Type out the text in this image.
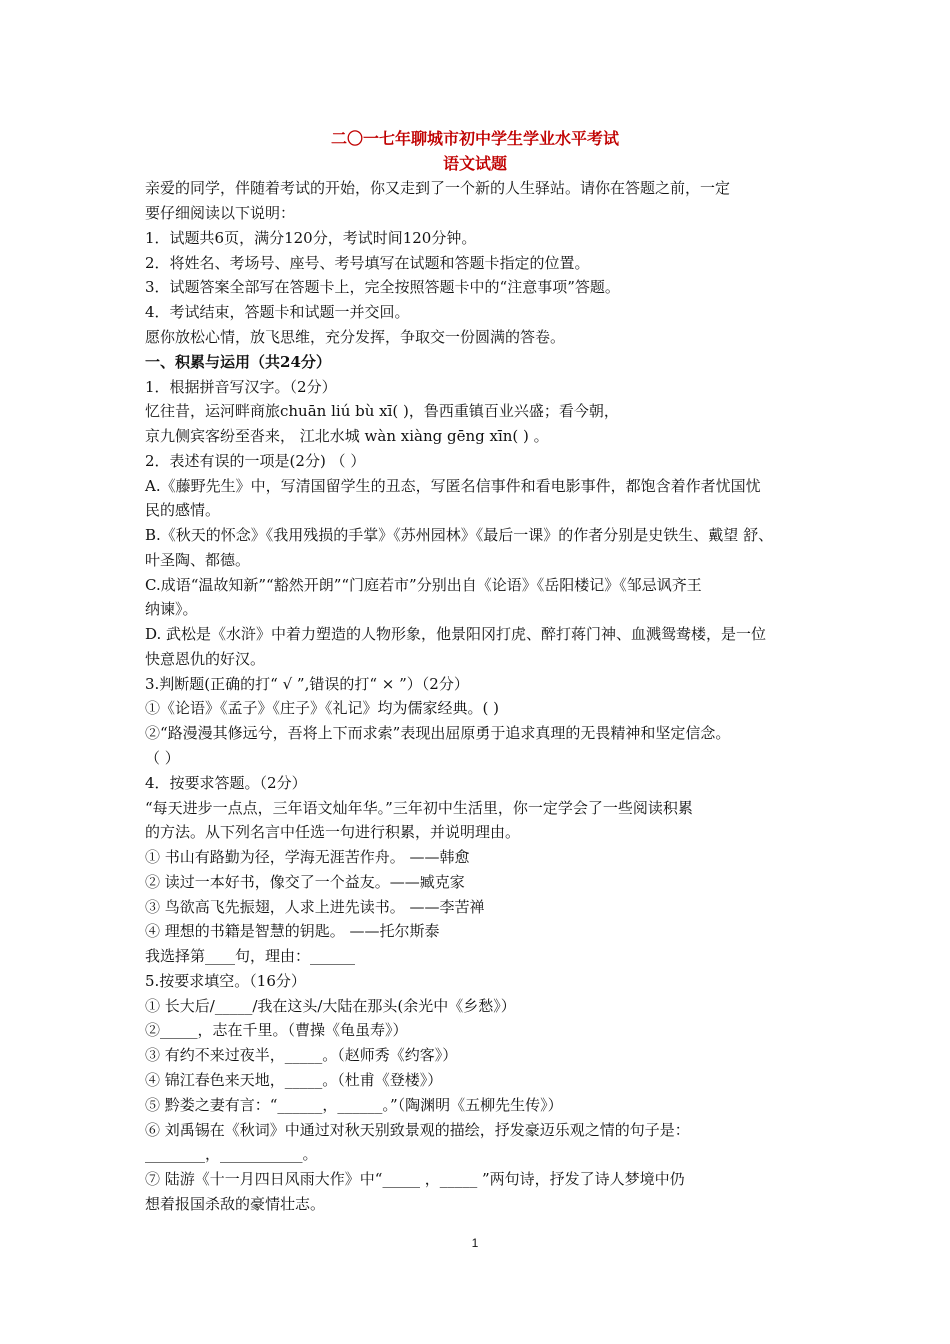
二〇一七年聊城市初中学生学业水平考试
语文试题
亲爱的同学，伴随着考试的开始，你又走到了一个新的人生驿站。请你在答题之前，一定
要仔细阅读以下说明：
1．试题共6页，满分120分，考试时间120分钟。
2．将姓名、考场号、座号、考号填写在试题和答题卡指定的位置。
3．试题答案全部写在答题卡上，完全按照答题卡中的“注意事项”答题。
4．考试结束，答题卡和试题一并交回。
愿你放松心情，放飞思维，充分发挥，争取交一份圆满的答卷。
一、积累与运用（共24分）
1．根据拼音写汉字。（2分）
忆往昔，运河畔商旅chuān liú bù xī( )，鲁西重镇百业兴盛；看今朝，
京九侧宾客纷至沓来， 江北水城 wàn xiàng gēng xīn( ) 。
2．表述有误的一项是(2分) （ ）
A.《藤野先生》中，写清国留学生的丑态，写匿名信事件和看电影事件，都饱含着作者忧国忧
民的感情。
B.《秋天的怀念》《我用残损的手掌》《苏州园林》《最后一课》的作者分别是史铁生、戴望 舒、
叶圣陶、都德。
C.成语“温故知新”“豁然开朗”“门庭若市”分别出自《论语》《岳阳楼记》《邹忌讽齐王
纳谏》。
D. 武松是《水浒》中着力塑造的人物形象，他景阳冈打虎、醉打蒋门神、血溅鸳鸯楼，是一位
快意恩仇的好汉。
3.判断题(正确的打“ √ ”,错误的打“ × ”）（2分）
①《论语》《孟子》《庄子》《礼记》均为儒家经典。( )
②“路漫漫其修远兮，吾将上下而求索”表现出屈原勇于追求真理的无畏精神和坚定信念。
（ ）
4．按要求答题。（2分）
“每天进步一点点，三年语文灿年华。”三年初中生活里，你一定学会了一些阅读积累
的方法。从下列名言中任选一句进行积累，并说明理由。
① 书山有路勤为径，学海无涯苦作舟。 ——韩愈
② 读过一本好书，像交了一个益友。——臧克家
③ 鸟欲高飞先振翅，人求上进先读书。 ——李苦禅
④ 理想的书籍是智慧的钥匙。 ——托尔斯泰
我选择第____句，理由：______
5.按要求填空。（16分）
① 长大后/_____/我在这头/大陆在那头(余光中《乡愁》）
②_____，志在千里。（曹操《龟虽寿》）
③ 有约不来过夜半，_____。（赵师秀《约客》）
④ 锦江春色来天地，_____。（杜甫《登楼》）
⑤ 黔娄之妻有言：“______，______。”（陶渊明《五柳先生传》）
⑥ 刘禹锡在《秋词》中通过对秋天别致景观的描绘，抒发豪迈乐观之情的句子是：
________，___________。
⑦ 陆游《十一月四日风雨大作》中“_____ ，_____ ”两句诗，抒发了诗人梦境中仍
想着报国杀敌的豪情壮志。
1
